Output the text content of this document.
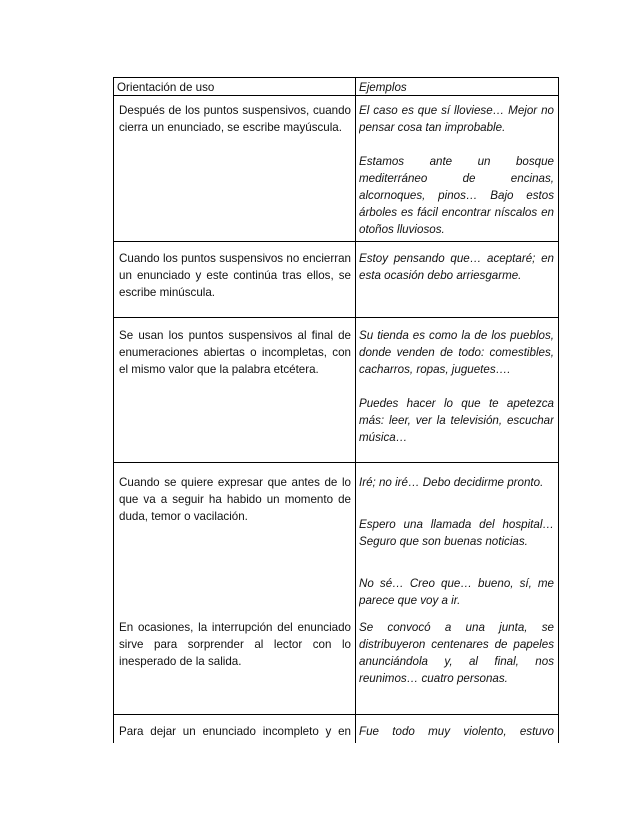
Orientación de uso	Ejemplos
Después de los puntos suspensivos, cuando cierra un enunciado, se escribe mayúscula.
El caso es que sí lloviese… Mejor no pensar cosa tan improbable.
Estamos ante un bosque mediterráneo de encinas, alcornoques, pinos… Bajo estos árboles es fácil encontrar níscalos en otoños lluviosos.
Cuando los puntos suspensivos no encierran un enunciado y este continúa tras ellos, se escribe minúscula.
Estoy pensando que… aceptaré; en esta ocasión debo arriesgarme.
Se usan los puntos suspensivos al final de enumeraciones abiertas o incompletas, con el mismo valor que la palabra etcétera.
Su tienda es como la de los pueblos, donde venden de todo: comestibles, cacharros, ropas, juguetes….
Puedes hacer lo que te apetezca más: leer, ver la televisión, escuchar música…
Cuando se quiere expresar que antes de lo que va a seguir ha habido un momento de duda, temor o vacilación.
En ocasiones, la interrupción del enunciado sirve para sorprender al lector con lo inesperado de la salida.
Iré; no iré… Debo decidirme pronto.
Espero una llamada del hospital… Seguro que son buenas noticias.
No sé… Creo que… bueno, sí, me parece que voy a ir.
Se convocó a una junta, se distribuyeron centenares de papeles anunciándola y, al final, nos reunimos… cuatro personas.
Para dejar un enunciado incompleto y en Fue todo muy violento, estuvo
